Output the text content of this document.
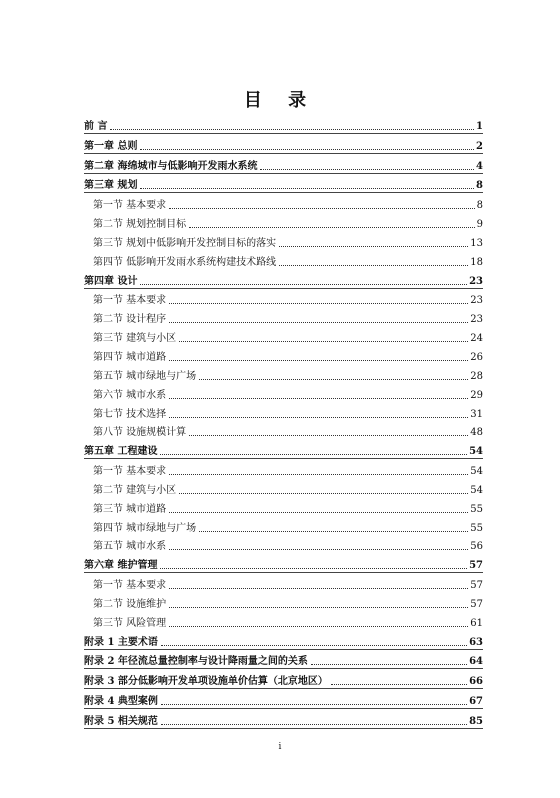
目 录
前 言	1
第一章 总则	2
第二章 海绵城市与低影响开发雨水系统	4
第三章 规划	8
第一节 基本要求	8
第二节 规划控制目标	9
第三节 规划中低影响开发控制目标的落实	13
第四节 低影响开发雨水系统构建技术路线	18
第四章 设计	23
第一节 基本要求	23
第二节 设计程序	23
第三节 建筑与小区	24
第四节 城市道路	26
第五节 城市绿地与广场	28
第六节 城市水系	29
第七节 技术选择	31
第八节 设施规模计算	48
第五章 工程建设	54
第一节 基本要求	54
第二节 建筑与小区	54
第三节 城市道路	55
第四节 城市绿地与广场	55
第五节 城市水系	56
第六章 维护管理	57
第一节 基本要求	57
第二节 设施维护	57
第三节 风险管理	61
附录 1 主要术语	63
附录 2 年径流总量控制率与设计降雨量之间的关系	64
附录 3 部分低影响开发单项设施单价估算（北京地区）	66
附录 4 典型案例	67
附录 5 相关规范	85
i
